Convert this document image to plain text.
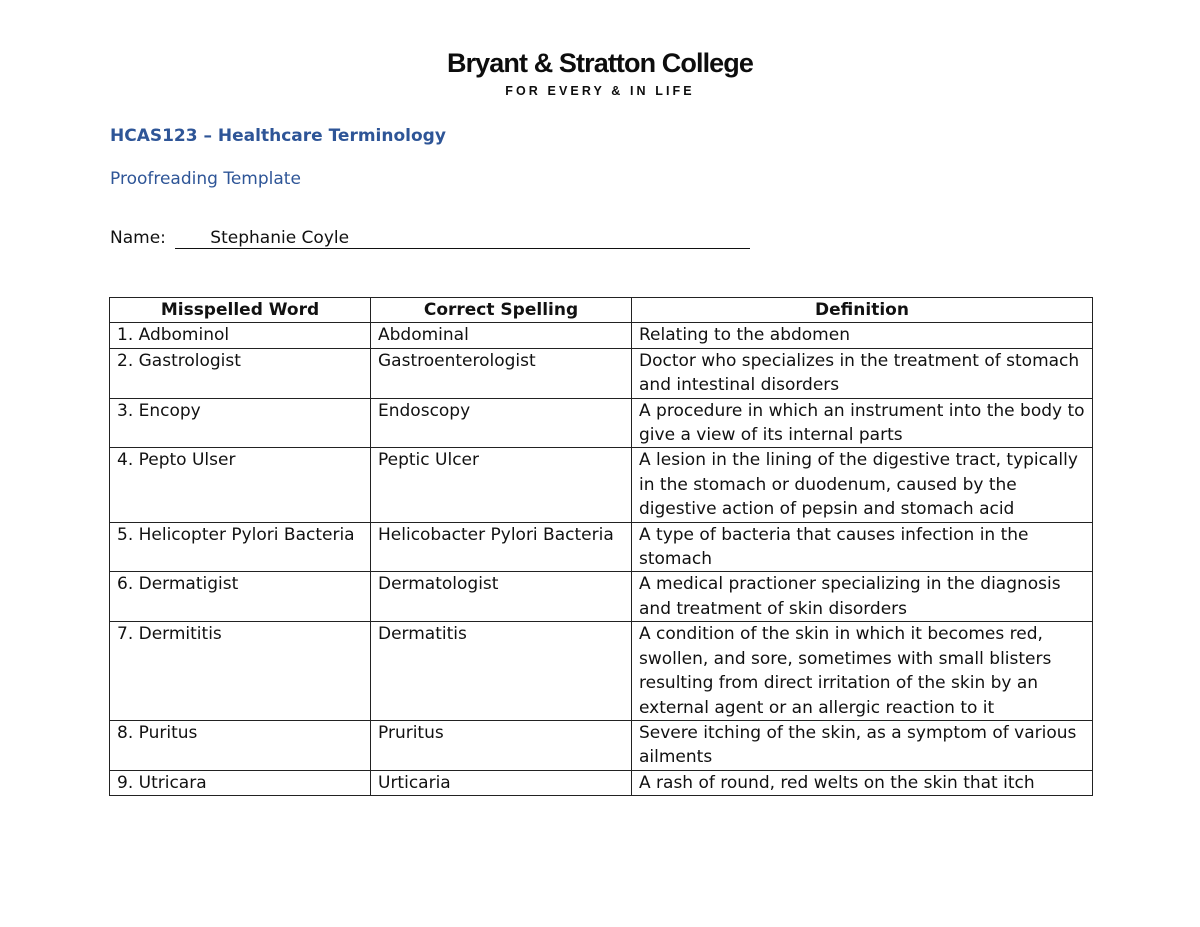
Bryant & Stratton College
FOR EVERY & IN LIFE
HCAS123 – Healthcare Terminology
Proofreading Template
Name:	Stephanie Coyle
Misspelled Word	Correct Spelling	Definition
1. Adbominol	Abdominal	Relating to the abdomen
2. Gastrologist	Gastroenterologist	Doctor who specializes in the treatment of stomach and intestinal disorders
3. Encopy	Endoscopy	A procedure in which an instrument into the body to give a view of its internal parts
4. Pepto Ulser	Peptic Ulcer	A lesion in the lining of the digestive tract, typically in the stomach or duodenum, caused by the digestive action of pepsin and stomach acid
5. Helicopter Pylori Bacteria	Helicobacter Pylori Bacteria	A type of bacteria that causes infection in the stomach
6. Dermatigist	Dermatologist	A medical practioner specializing in the diagnosis and treatment of skin disorders
7. Dermititis	Dermatitis	A condition of the skin in which it becomes red, swollen, and sore, sometimes with small blisters resulting from direct irritation of the skin by an external agent or an allergic reaction to it
8. Puritus	Pruritus	Severe itching of the skin, as a symptom of various ailments
9. Utricara	Urticaria	A rash of round, red welts on the skin that itch
